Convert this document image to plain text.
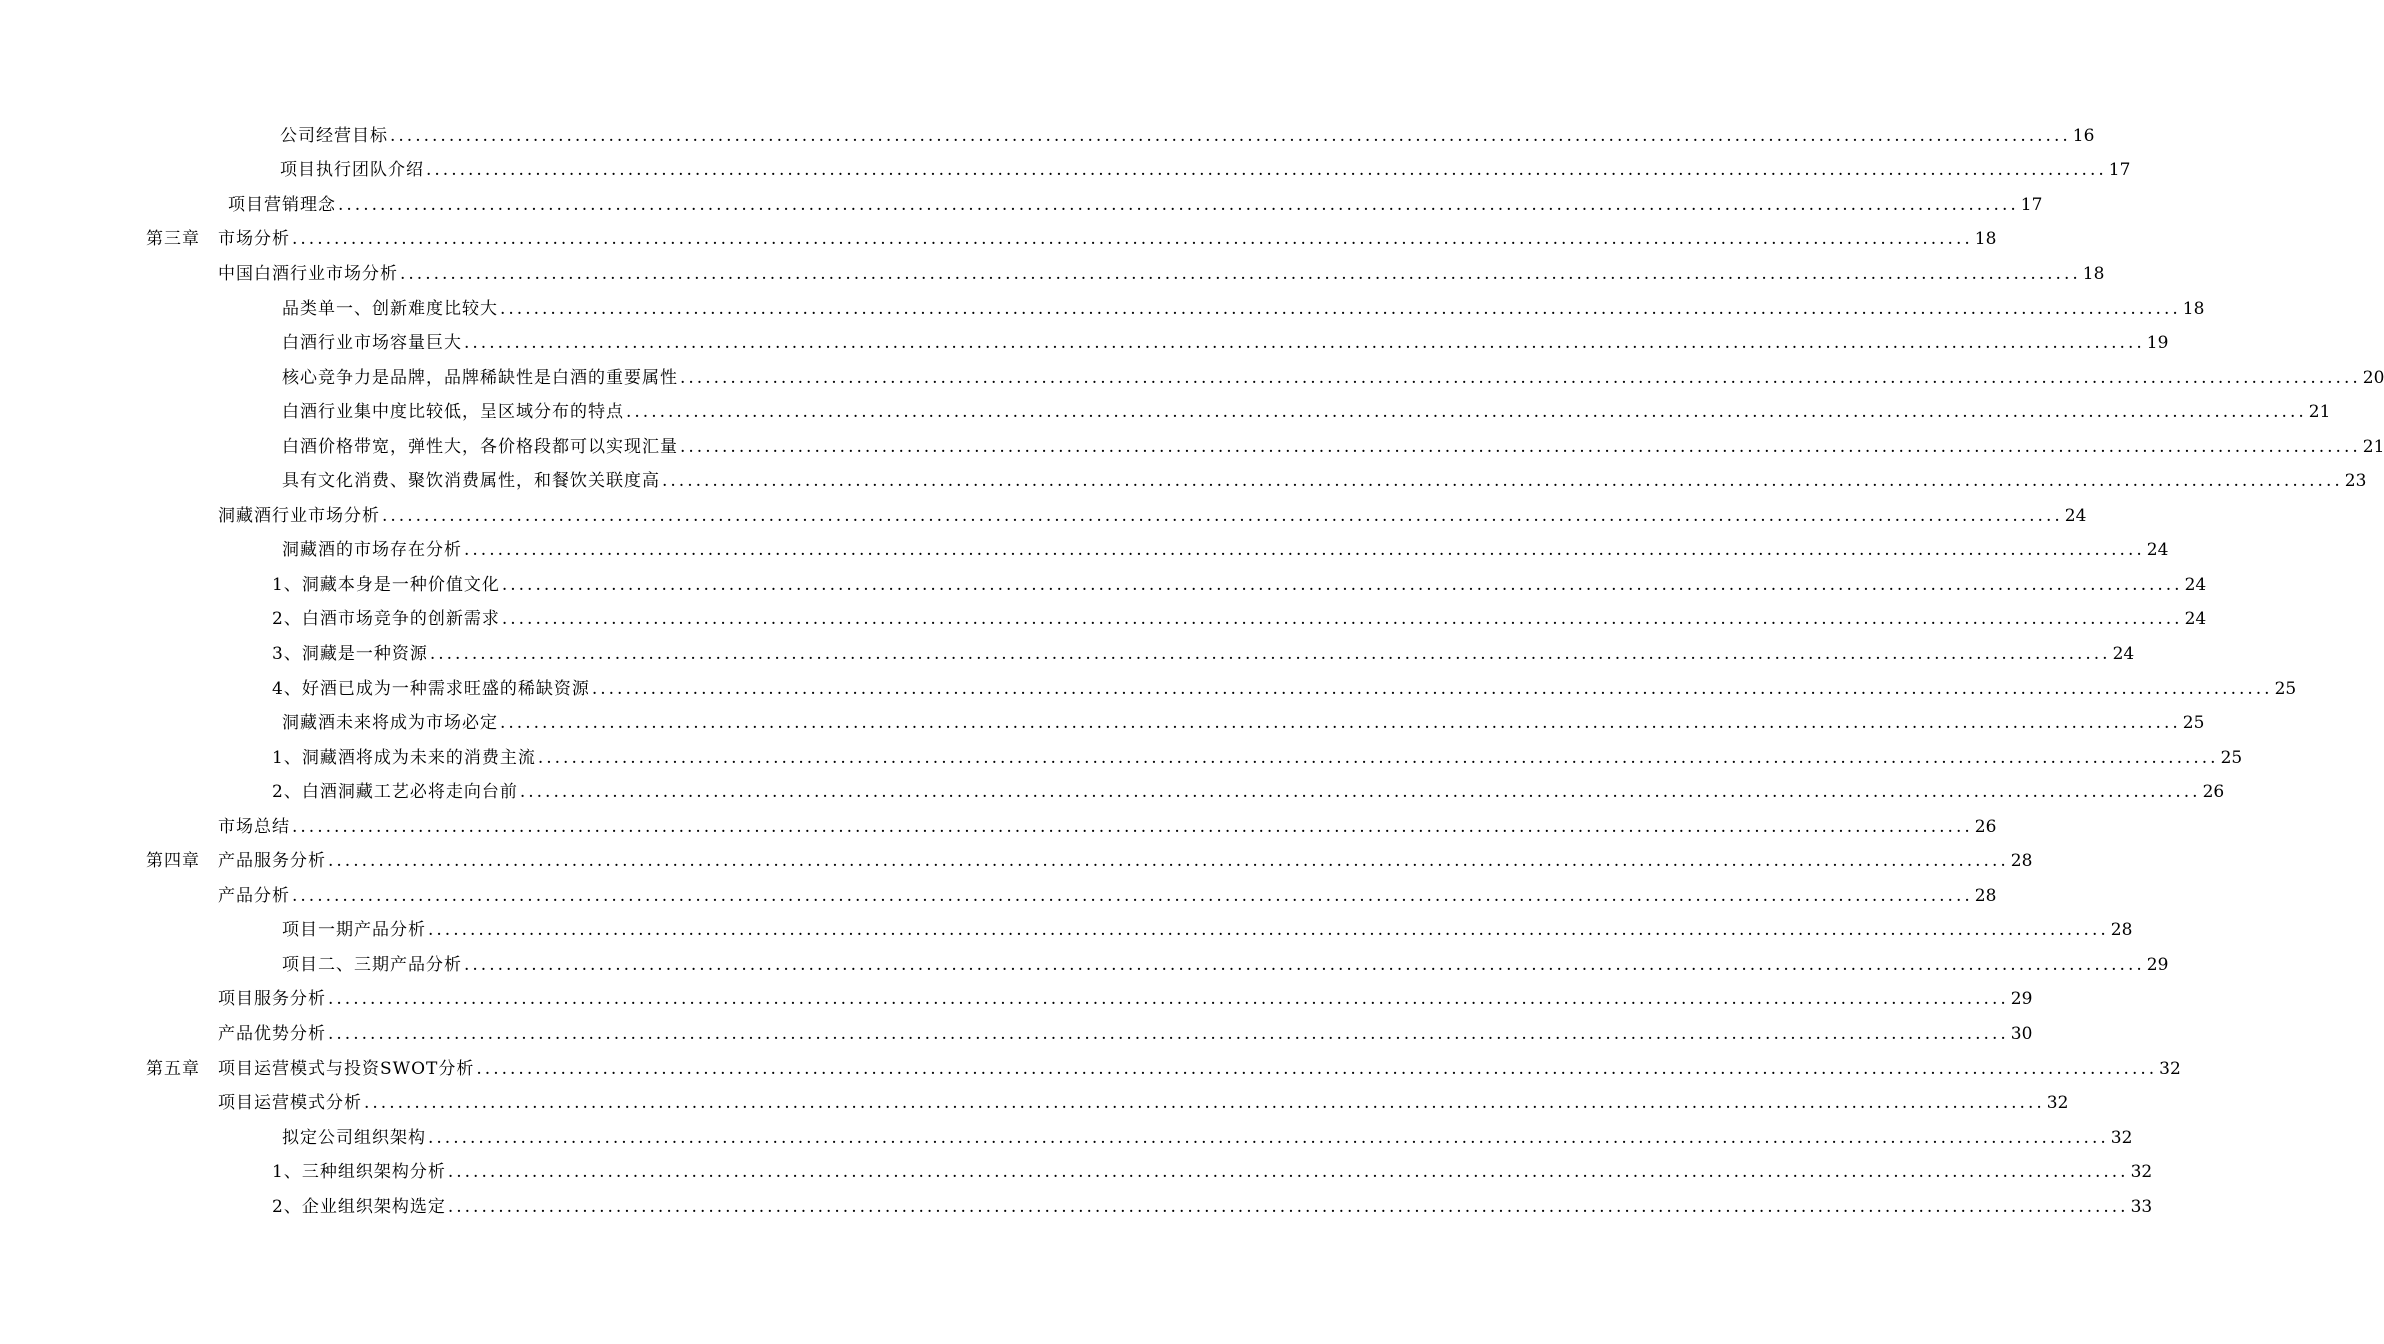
公司经营目标 ........................................................................................................................................................................................................ 16
项目执行团队介绍 ........................................................................................................................................................................................................ 17
项目营销理念 ........................................................................................................................................................................................................ 17
第三章　市场分析 ........................................................................................................................................................................................................ 18
中国白酒行业市场分析 ........................................................................................................................................................................................................ 18
品类单一、创新难度比较大 ........................................................................................................................................................................................................ 18
白酒行业市场容量巨大 ........................................................................................................................................................................................................ 19
核心竞争力是品牌，品牌稀缺性是白酒的重要属性 ........................................................................................................................................................................................................ 20
白酒行业集中度比较低，呈区域分布的特点 ........................................................................................................................................................................................................ 21
白酒价格带宽，弹性大，各价格段都可以实现汇量 ........................................................................................................................................................................................................ 21
具有文化消费、聚饮消费属性，和餐饮关联度高 ........................................................................................................................................................................................................ 23
洞藏酒行业市场分析 ........................................................................................................................................................................................................ 24
洞藏酒的市场存在分析 ........................................................................................................................................................................................................ 24
1、洞藏本身是一种价值文化 ........................................................................................................................................................................................................ 24
2、白酒市场竞争的创新需求 ........................................................................................................................................................................................................ 24
3、洞藏是一种资源 ........................................................................................................................................................................................................ 24
4、好酒已成为一种需求旺盛的稀缺资源 ........................................................................................................................................................................................................ 25
洞藏酒未来将成为市场必定 ........................................................................................................................................................................................................ 25
1、洞藏酒将成为未来的消费主流 ........................................................................................................................................................................................................ 25
2、白酒洞藏工艺必将走向台前 ........................................................................................................................................................................................................ 26
市场总结 ........................................................................................................................................................................................................ 26
第四章　产品服务分析 ........................................................................................................................................................................................................ 28
产品分析 ........................................................................................................................................................................................................ 28
项目一期产品分析 ........................................................................................................................................................................................................ 28
项目二、三期产品分析 ........................................................................................................................................................................................................ 29
项目服务分析 ........................................................................................................................................................................................................ 29
产品优势分析 ........................................................................................................................................................................................................ 30
第五章　项目运营模式与投资SWOT分析 ........................................................................................................................................................................................................ 32
项目运营模式分析 ........................................................................................................................................................................................................ 32
拟定公司组织架构 ........................................................................................................................................................................................................ 32
1、三种组织架构分析 ........................................................................................................................................................................................................ 32
2、企业组织架构选定 ........................................................................................................................................................................................................ 33
